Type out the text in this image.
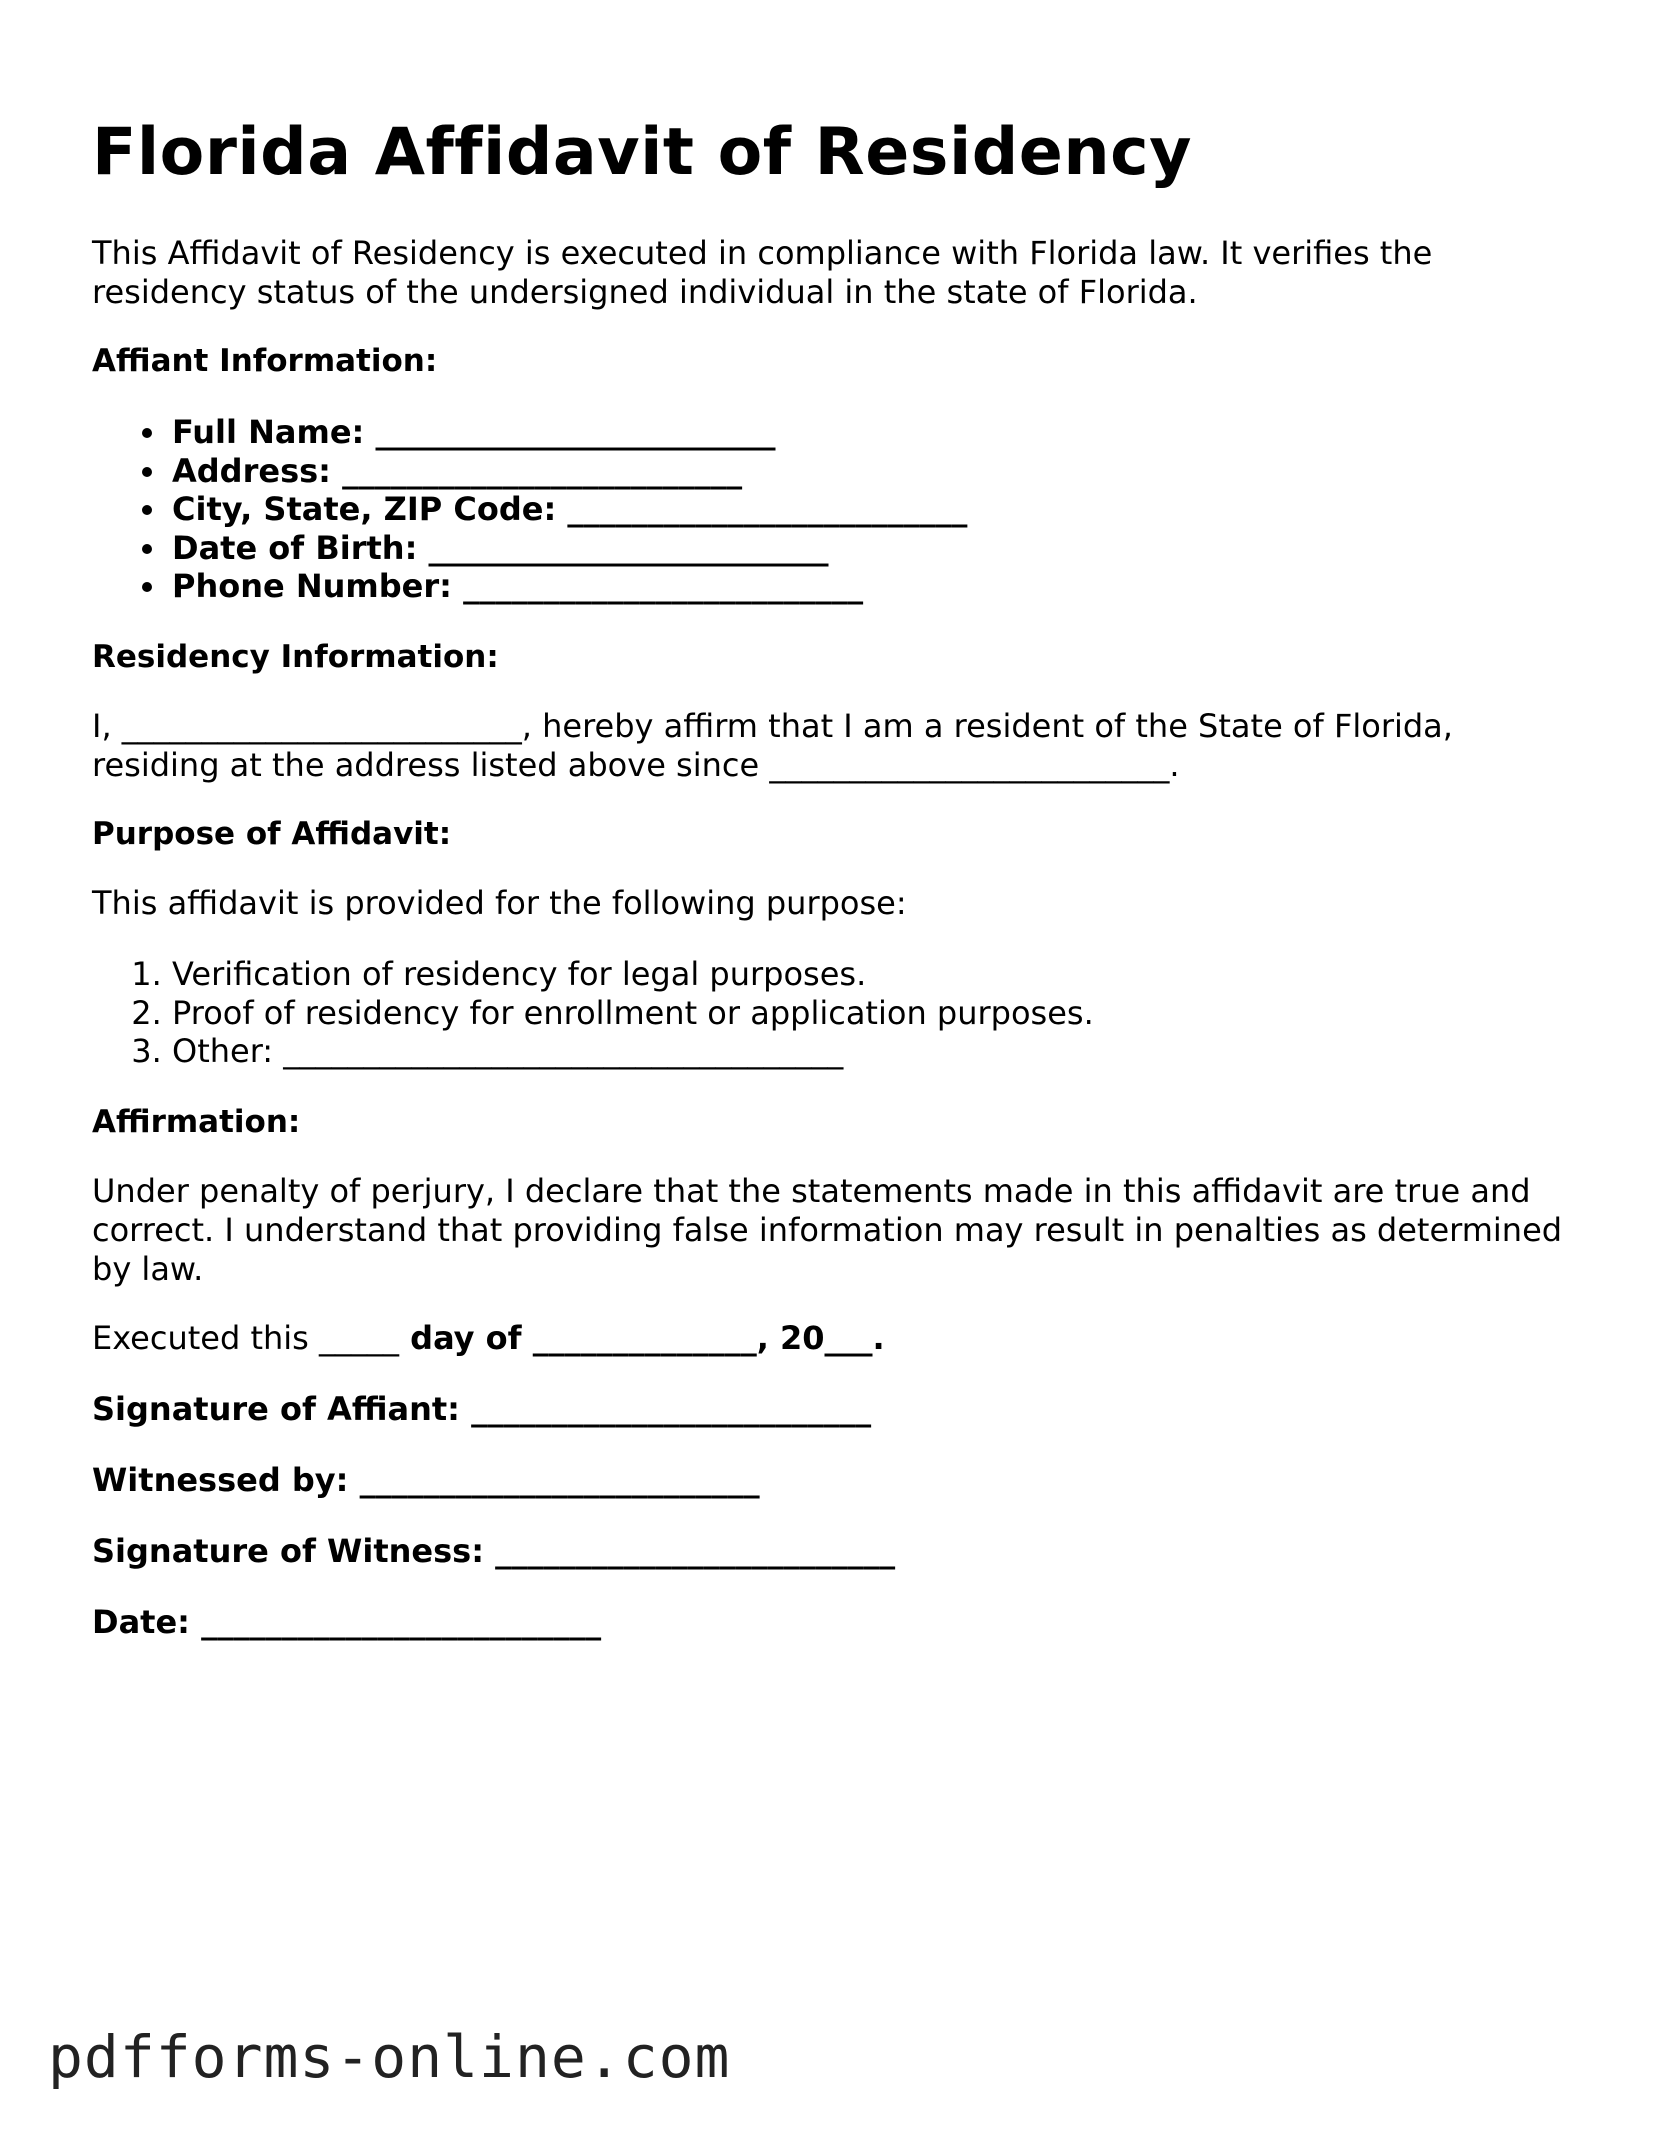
Florida Affidavit of Residency

This Affidavit of Residency is executed in compliance with Florida law. It verifies the residency status of the undersigned individual in the state of Florida.

Affiant Information:

Full Name: _________________________
Address: _________________________
City, State, ZIP Code: _________________________
Date of Birth: _________________________
Phone Number: _________________________

Residency Information:

I, _________________________, hereby affirm that I am a resident of the State of Florida,
residing at the address listed above since _________________________.

Purpose of Affidavit:

This affidavit is provided for the following purpose:

1. Verification of residency for legal purposes.
2. Proof of residency for enrollment or application purposes.
3. Other: ___________________________________

Affirmation:

Under penalty of perjury, I declare that the statements made in this affidavit are true and correct. I understand that providing false information may result in penalties as determined by law.

Executed this _____ day of ______________, 20___.

Signature of Affiant: _________________________

Witnessed by: _________________________

Signature of Witness: _________________________

Date: _________________________

pdfforms-online.com
